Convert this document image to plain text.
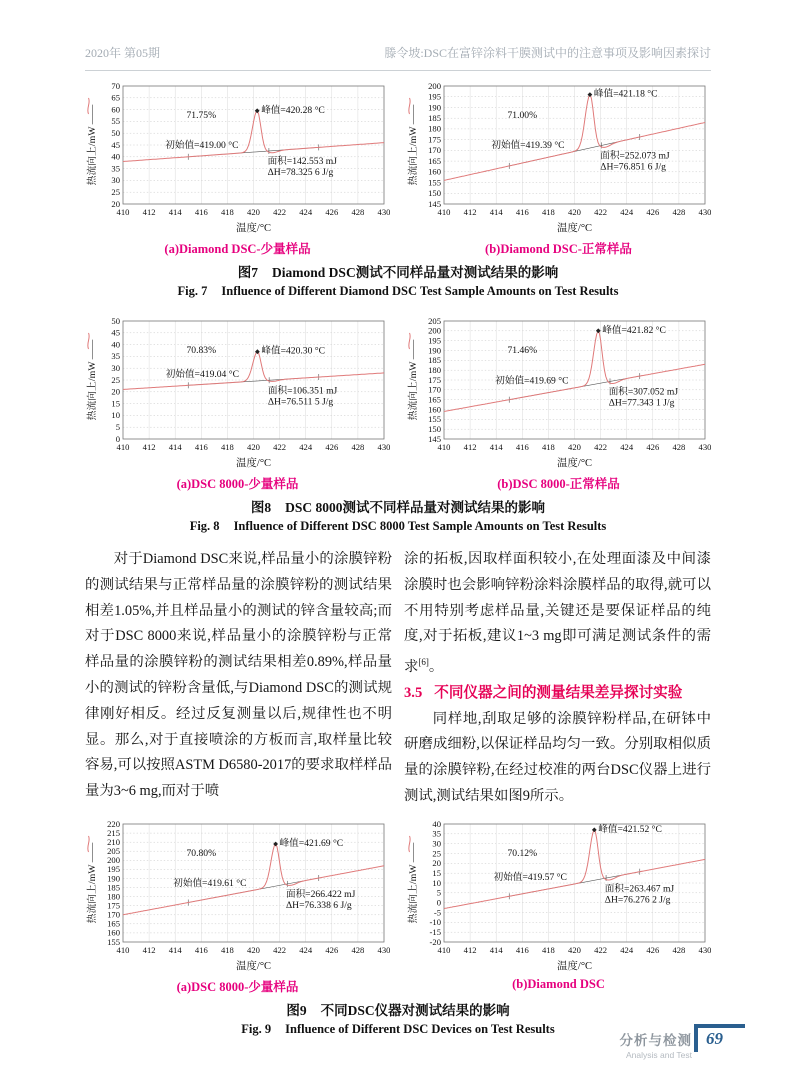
2020年 第05期	滕令坡:DSC在富锌涂料干膜测试中的注意事项及影响因素探讨
20
25
30
35
40
45
50
55
60
65
70
410 412 414 416 418 420 422 424 426 428 430
71.75%	峰值=420.28 °C
初始值=419.00 °C
面积=142.553 mJ
ΔH=78.325 6 J/g
热流向上/mW ——
温度/°C
145
150
155
160
165
170
175
180
185
190
195
200
410 412 414 416 418 420 422 424 426 428 430
71.00%
峰值=421.18 °C
初始值=419.39 °C
面积=252.073 mJ
ΔH=76.851 6 J/g
热流向上/mW ——
温度/°C
(a)Diamond DSC-少量样品	(b)Diamond DSC-正常样品
图7 Diamond DSC测试不同样品量对测试结果的影响
Fig. 7 Influence of Different Diamond DSC Test Sample Amounts on Test Results
0
5
10
15
20
25
30
35
40
45
50
410 412 414 416 418 420 422 424 426 428 430
70.83%	峰值=420.30 °C
初始值=419.04 °C
面积=106.351 mJ
ΔH=76.511 5 J/g
热流向上/mW ——
温度/°C
145
150
155
160
165
170
175
180
185
190
195
200
205
410 412 414 416 418 420 422 424 426 428 430
71.46%
峰值=421.82 °C
初始值=419.69 °C
面积=307.052 mJ
ΔH=77.343 1 J/g
热流向上/mW ——
温度/°C
(a)DSC 8000-少量样品	(b)DSC 8000-正常样品
图8 DSC 8000测试不同样品量对测试结果的影响
Fig. 8 Influence of Different DSC 8000 Test Sample Amounts on Test Results

对于Diamond DSC来说,样品量小的涂膜锌粉的测试结果与正常样品量的涂膜锌粉的测试结果相差1.05%,并且样品量小的测试的锌含量较高;而对于DSC 8000来说,样品量小的涂膜锌粉与正常样品量的涂膜锌粉的测试结果相差0.89%,样品量小的测试的锌粉含量低,与Diamond DSC的测试规律刚好相反。经过反复测量以后,规律性也不明显。那么,对于直接喷涂的方板而言,取样量比较容易,可以按照ASTM D6580-2017的要求取样样品量为3~6 mg,而对于喷

涂的拓板,因取样面积较小,在处理面漆及中间漆涂膜时也会影响锌粉涂料涂膜样品的取得,就可以不用特别考虑样品量,关键还是要保证样品的纯度,对于拓板,建议1~3 mg即可满足测试条件的需求[6]。

3.5 不同仪器之间的测量结果差异探讨实验

同样地,刮取足够的涂膜锌粉样品,在研钵中研磨成细粉,以保证样品均匀一致。分别取相似质量的涂膜锌粉,在经过校准的两台DSC仪器上进行测试,测试结果如图9所示。

155
160
165
170
175
180
185
190
195
200
205
210
215
220
410 412 414 416 418 420 422 424 426 428 430
70.80%
峰值=421.69 °C
初始值=419.61 °C
面积=266.422 mJ
ΔH=76.338 6 J/g
热流向上/mW ——
温度/°C
-20
-15
-10
-5
0
5
10
15
20
25
30
35
40
410 412 414 416 418 420 422 424 426 428 430
70.12%
峰值=421.52 °C
初始值=419.57 °C
面积=263.467 mJ
ΔH=76.276 2 J/g
热流向上/mW ——
温度/°C
(a)DSC 8000-少量样品	(b)Diamond DSC
图9 不同DSC仪器对测试结果的影响
Fig. 9 Influence of Different DSC Devices on Test Results
分析与检测
Analysis and Test
69
